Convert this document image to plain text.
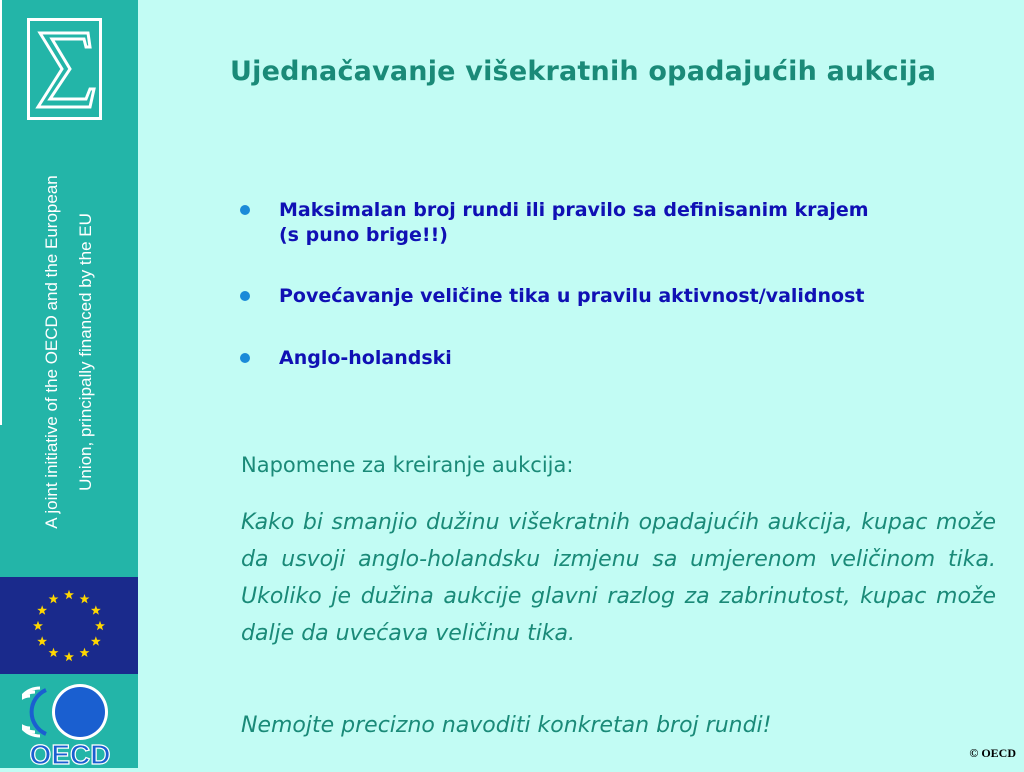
A joint initiative of the OECD and the European Union, principally financed by the EU
OECD
Ujednačavanje višekratnih opadajućih aukcija
Maksimalan broj rundi ili pravilo sa definisanim krajem
(s puno brige!!)
Povećavanje veličine tika u pravilu aktivnost/validnost
Anglo-holandski

Napomene za kreiranje aukcija:

Kako bi smanjio dužinu višekratnih opadajućih aukcija, kupac može da usvoji anglo-holandsku izmjenu sa umjerenom veličinom tika. Ukoliko je dužina aukcije glavni razlog za zabrinutost, kupac može dalje da uvećava veličinu tika.

Nemojte precizno navoditi konkretan broj rundi!

© OECD
